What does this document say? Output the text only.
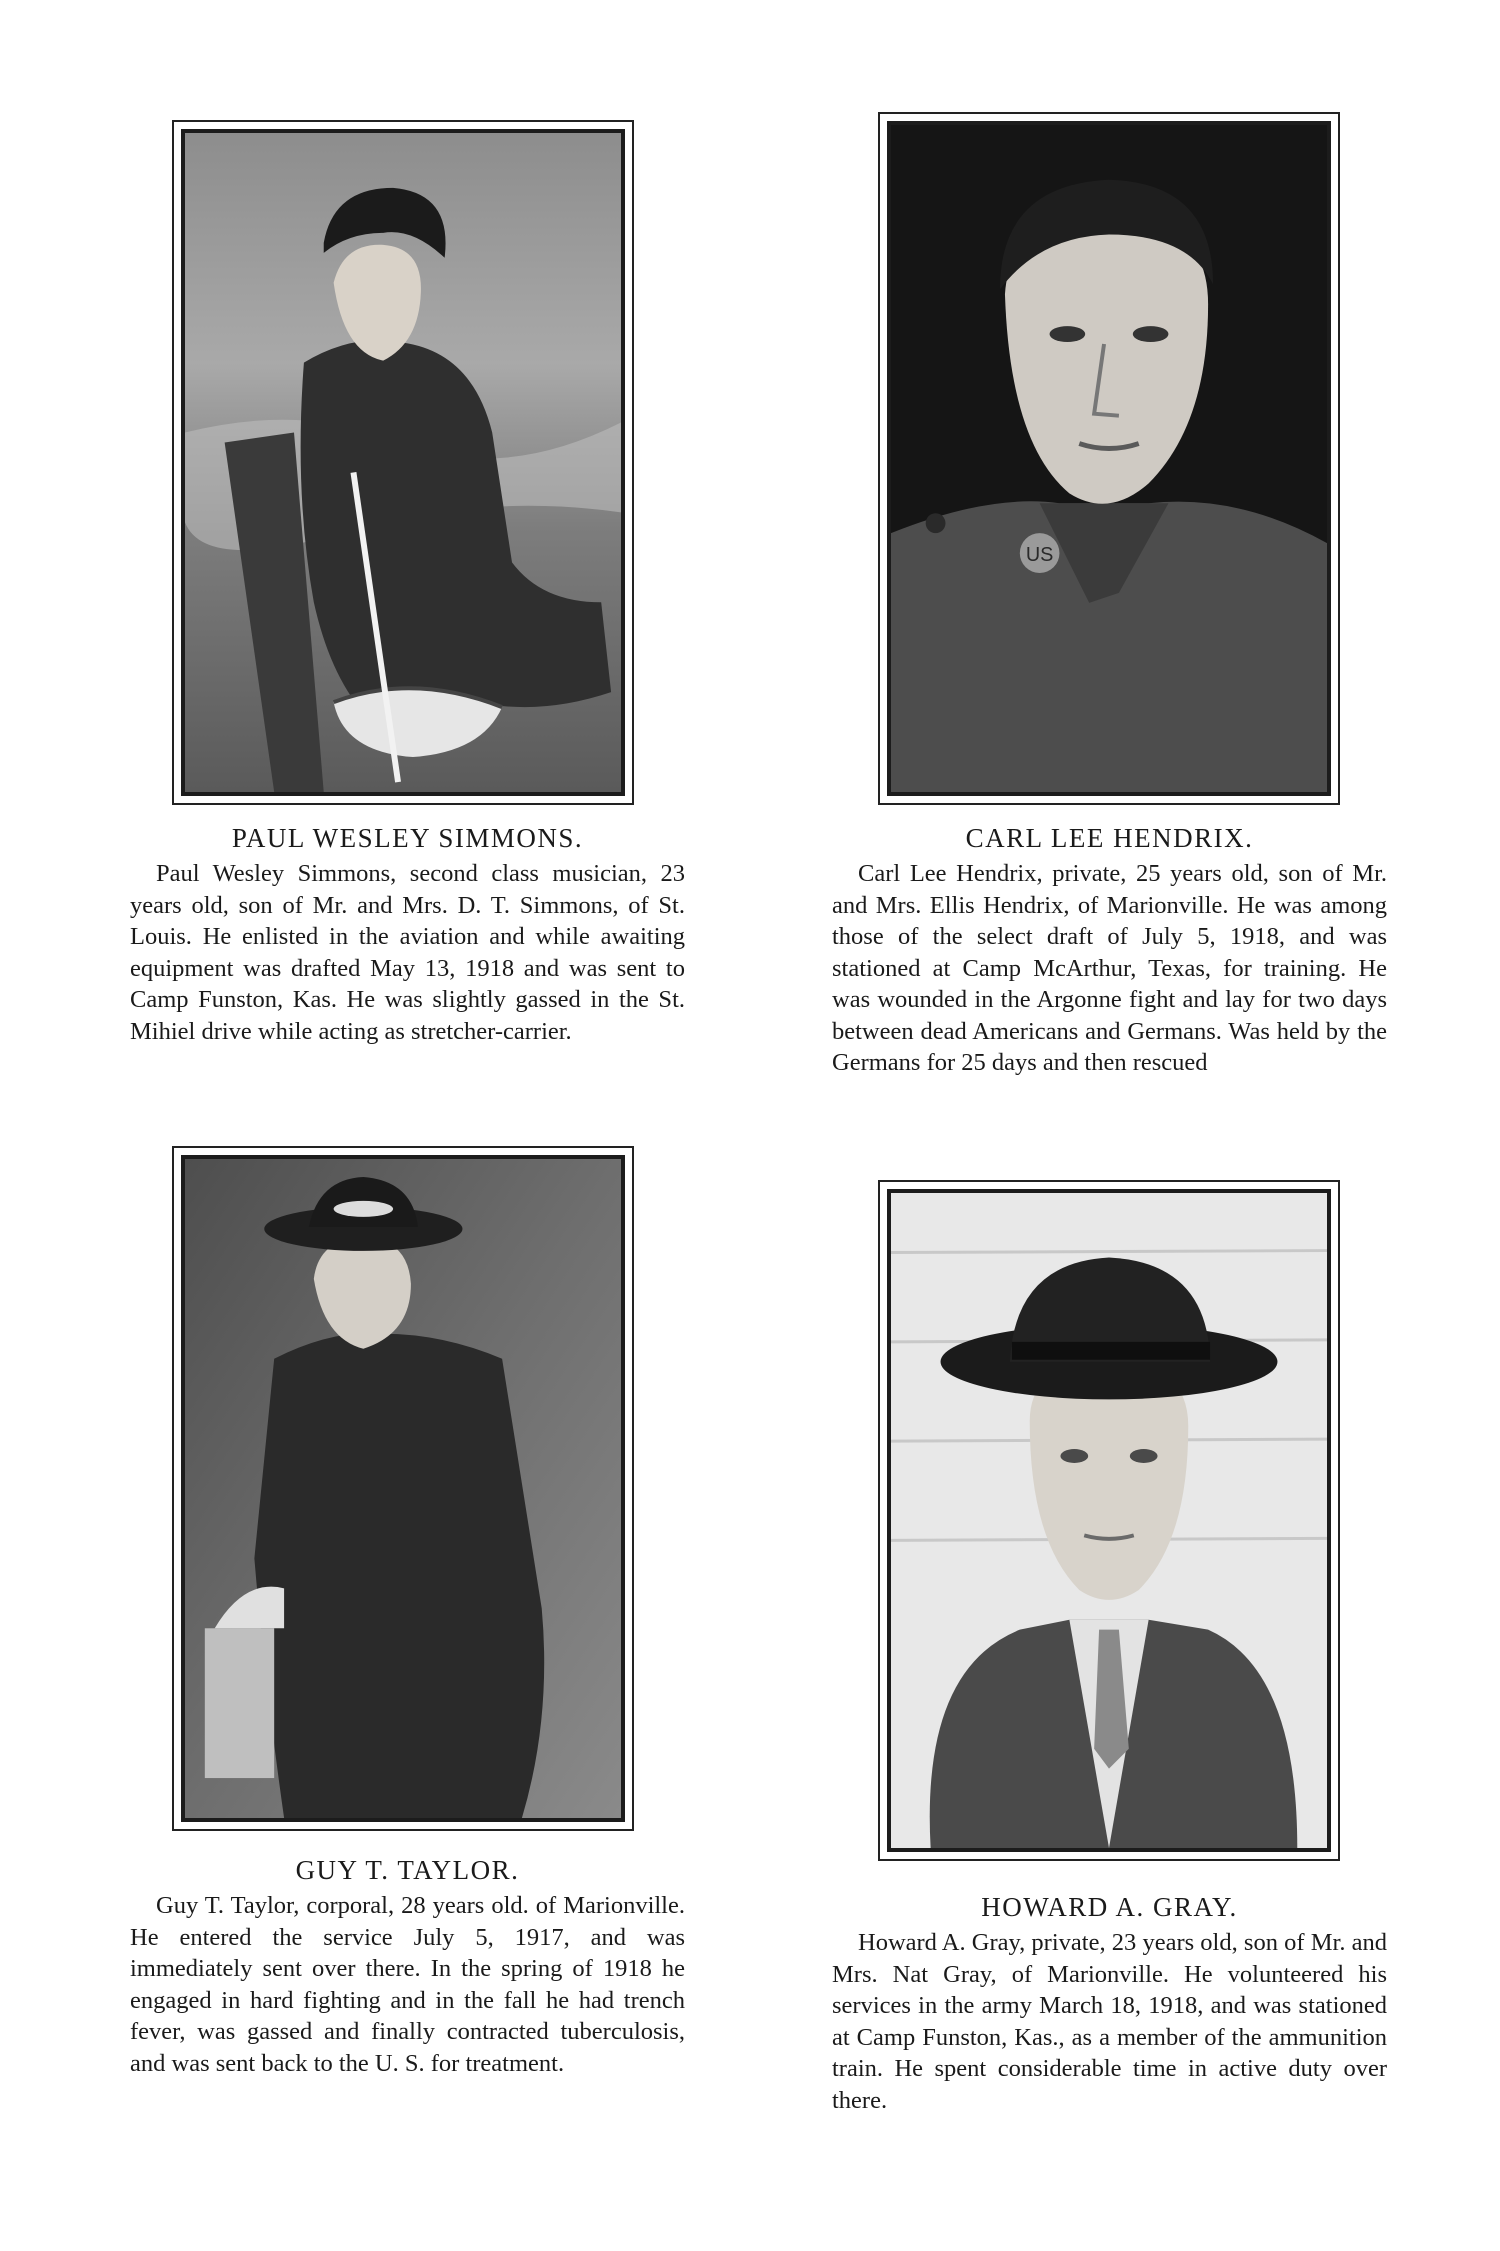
US
PAUL WESLEY SIMMONS.

Paul Wesley Simmons, second class musician, 23 years old, son of Mr. and Mrs. D. T. Simmons, of St. Louis. He enlisted in the aviation and while awaiting equipment was drafted May 13, 1918 and was sent to Camp Funston, Kas. He was slightly gassed in the St. Mihiel drive while acting as stretcher-carrier.

CARL LEE HENDRIX.

Carl Lee Hendrix, private, 25 years old, son of Mr. and Mrs. Ellis Hendrix, of Marionville. He was among those of the select draft of July 5, 1918, and was stationed at Camp McArthur, Texas, for training. He was wounded in the Argonne fight and lay for two days between dead Americans and Germans. Was held by the Germans for 25 days and then rescued

GUY T. TAYLOR.

Guy T. Taylor, corporal, 28 years old. of Marionville. He entered the service July 5, 1917, and was immediately sent over there. In the spring of 1918 he engaged in hard fighting and in the fall he had trench fever, was gassed and finally contracted tuberculosis, and was sent back to the U. S. for treatment.

HOWARD A. GRAY.

Howard A. Gray, private, 23 years old, son of Mr. and Mrs. Nat Gray, of Marionville. He volunteered his services in the army March 18, 1918, and was stationed at Camp Funston, Kas., as a member of the ammunition train. He spent considerable time in active duty over there.
